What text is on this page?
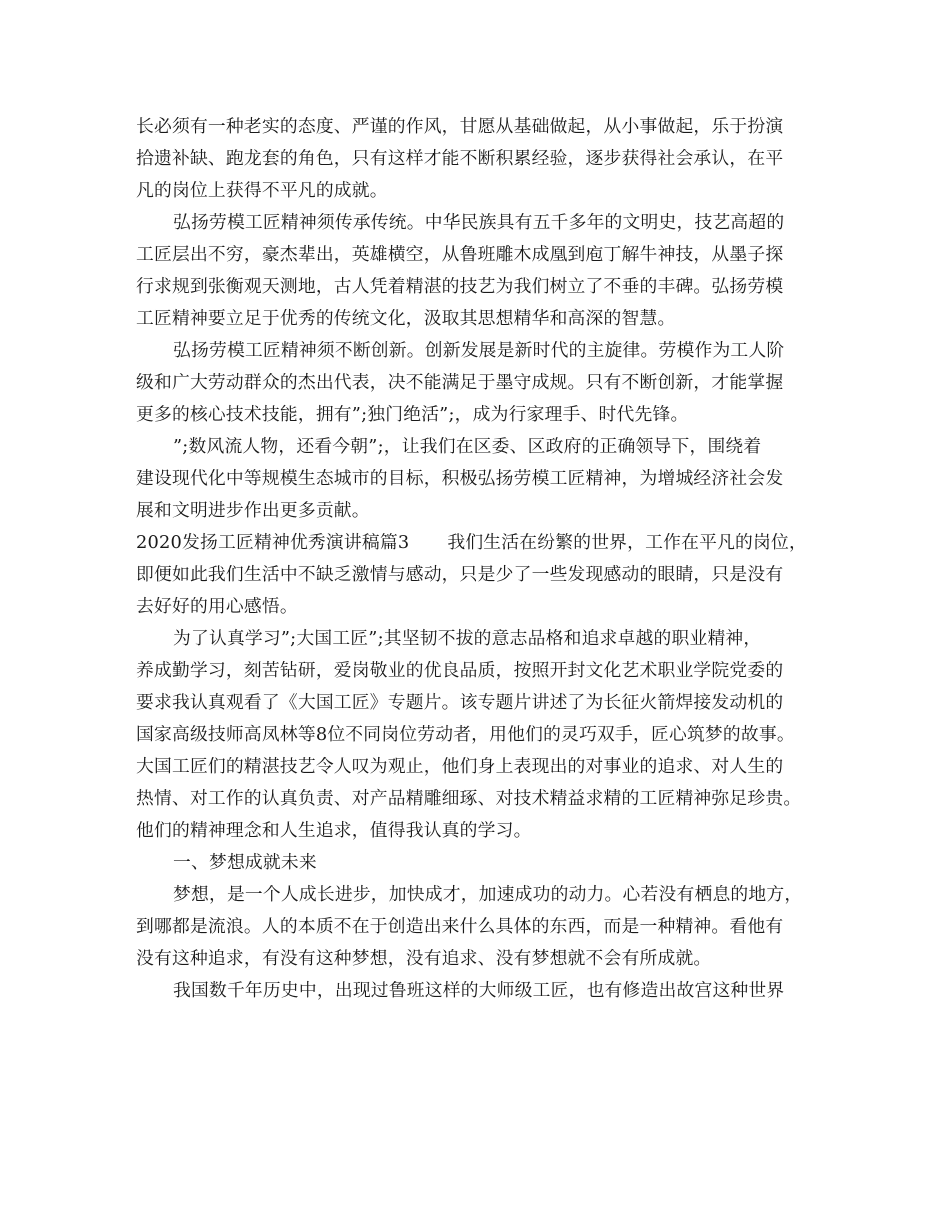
长必须有一种老实的态度、严谨的作风，甘愿从基础做起，从小事做起，乐于扮演
拾遗补缺、跑龙套的角色，只有这样才能不断积累经验，逐步获得社会承认，在平
凡的岗位上获得不平凡的成就。
弘扬劳模工匠精神须传承传统。中华民族具有五千多年的文明史，技艺高超的
工匠层出不穷，豪杰辈出，英雄横空，从鲁班雕木成凰到庖丁解牛神技，从墨子探
行求规到张衡观天测地，古人凭着精湛的技艺为我们树立了不垂的丰碑。弘扬劳模
工匠精神要立足于优秀的传统文化，汲取其思想精华和高深的智慧。
弘扬劳模工匠精神须不断创新。创新发展是新时代的主旋律。劳模作为工人阶
级和广大劳动群众的杰出代表，决不能满足于墨守成规。只有不断创新，才能掌握
更多的核心技术技能，拥有”;独门绝活”;，成为行家理手、时代先锋。
”;数风流人物，还看今朝”;，让我们在区委、区政府的正确领导下，围绕着
建设现代化中等规模生态城市的目标，积极弘扬劳模工匠精神，为增城经济社会发
展和文明进步作出更多贡献。
2020发扬工匠精神优秀演讲稿篇3 我们生活在纷繁的世界，工作在平凡的岗位，
即便如此我们生活中不缺乏激情与感动，只是少了一些发现感动的眼睛，只是没有
去好好的用心感悟。
为了认真学习”;大国工匠”;其坚韧不拔的意志品格和追求卓越的职业精神，
养成勤学习，刻苦钻研，爱岗敬业的优良品质，按照开封文化艺术职业学院党委的
要求我认真观看了《大国工匠》专题片。该专题片讲述了为长征火箭焊接发动机的
国家高级技师高凤林等8位不同岗位劳动者，用他们的灵巧双手，匠心筑梦的故事。
大国工匠们的精湛技艺令人叹为观止，他们身上表现出的对事业的追求、对人生的
热情、对工作的认真负责、对产品精雕细琢、对技术精益求精的工匠精神弥足珍贵。
他们的精神理念和人生追求，值得我认真的学习。
一、梦想成就未来
梦想，是一个人成长进步，加快成才，加速成功的动力。心若没有栖息的地方，
到哪都是流浪。人的本质不在于创造出来什么具体的东西，而是一种精神。看他有
没有这种追求，有没有这种梦想，没有追求、没有梦想就不会有所成就。
我国数千年历史中，出现过鲁班这样的大师级工匠，也有修造出故宫这种世界
